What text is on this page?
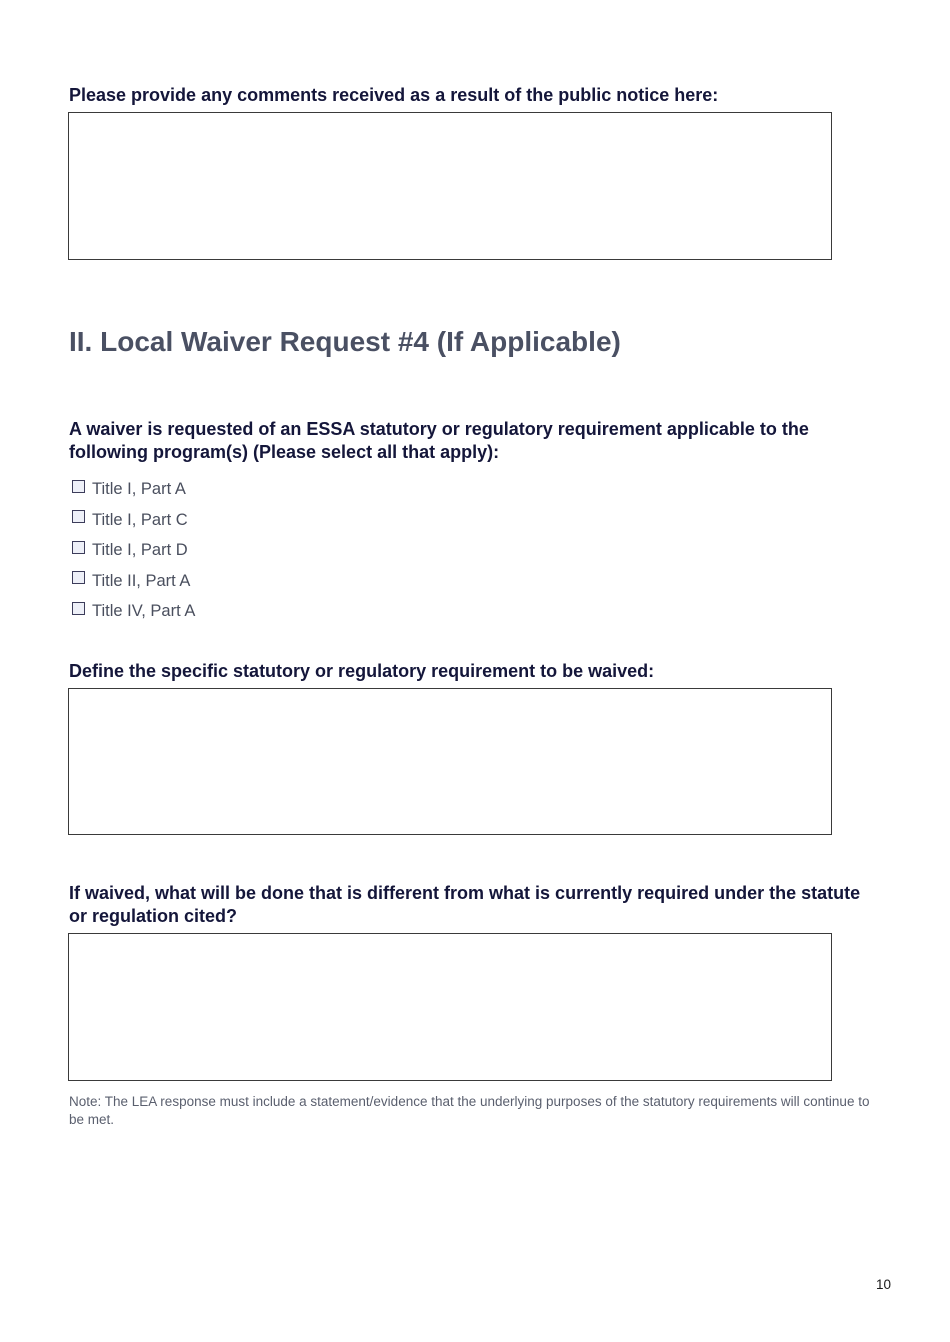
Please provide any comments received as a result of the public notice here:

II. Local Waiver Request #4 (If Applicable)

A waiver is requested of an ESSA statutory or regulatory requirement applicable to the following program(s) (Please select all that apply):

Title I, Part A
Title I, Part C
Title I, Part D
Title II, Part A
Title IV, Part A

Define the specific statutory or regulatory requirement to be waived:

If waived, what will be done that is different from what is currently required under the statute or regulation cited?

Note: The LEA response must include a statement/evidence that the underlying purposes of the statutory requirements will continue to be met.

10
